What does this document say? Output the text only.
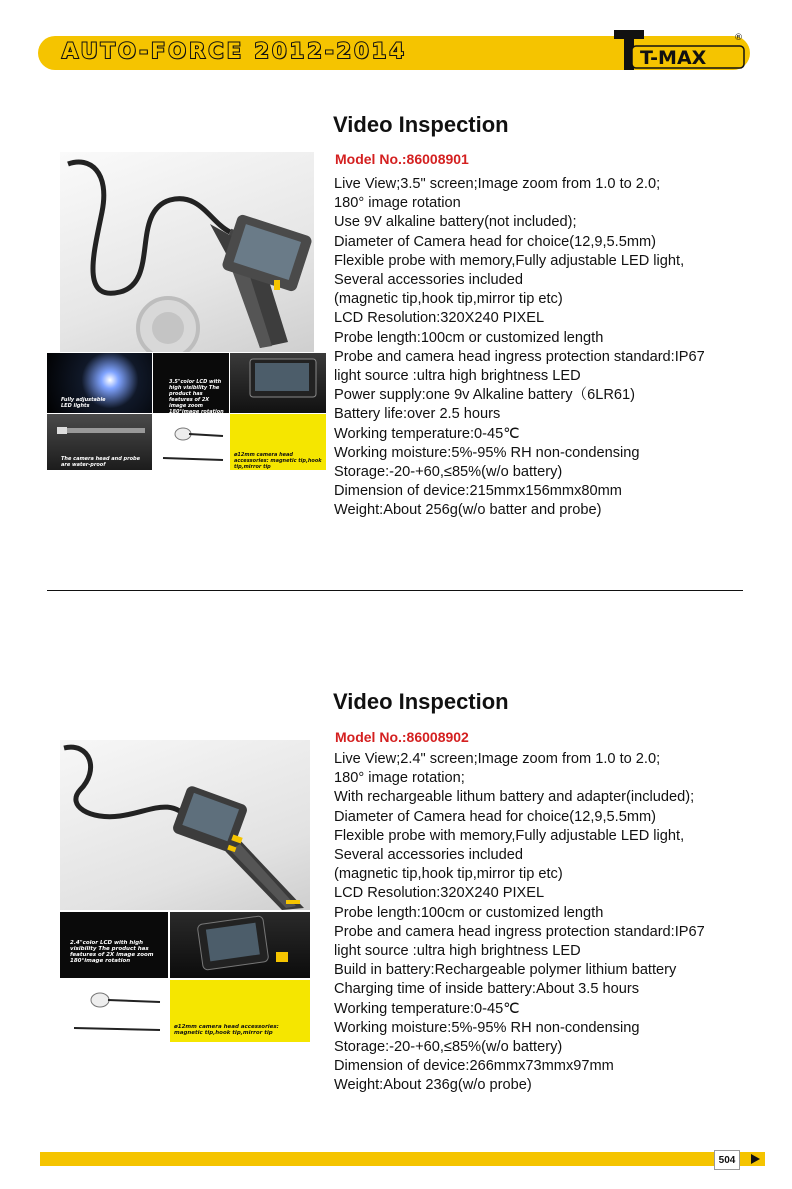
AUTO-FORCE 2012-2014	T-MAX
®
Video Inspection
Model No.:86008901
Live View;3.5" screen;Image zoom from 1.0 to 2.0;
180° image rotation
Use 9V alkaline battery(not included);
Diameter of Camera head for choice(12,9,5.5mm)
Flexible probe with memory,Fully adjustable LED light,
Several accessories included
(magnetic tip,hook tip,mirror tip etc)
LCD Resolution:320X240 PIXEL
Probe length:100cm or customized length
Probe and camera head ingress protection standard:IP67
light source :ultra high brightness LED
Power supply:one 9v Alkaline battery（6LR61)
Battery life:over 2.5 hours
Working temperature:0-45℃
Working moisture:5%-95% RH non-condensing
Storage:-20-+60,≤85%(w/o battery)
Dimension of device:215mmx156mmx80mm
Weight:About 256g(w/o batter and probe)
Fully adjustable LED lights
3.5"color LCD with high visibility The product has features of 2X image zoom 180°image rotation
The camera head and probe are water-proof
ø12mm camera head accessories: magnetic tip,hook tip,mirror tip
Video Inspection
Model No.:86008902
Live View;2.4" screen;Image zoom from 1.0 to 2.0;
180° image rotation;
With rechargeable lithum battery and adapter(included);
Diameter of Camera head for choice(12,9,5.5mm)
Flexible probe with memory,Fully adjustable LED light,
Several accessories included
(magnetic tip,hook tip,mirror tip etc)
LCD Resolution:320X240 PIXEL
Probe length:100cm or customized length
Probe and camera head ingress protection standard:IP67
light source :ultra high brightness LED
Build in battery:Rechargeable polymer lithium battery
Charging time of inside battery:About 3.5 hours
Working temperature:0-45℃
Working moisture:5%-95% RH non-condensing
Storage:-20-+60,≤85%(w/o battery)
Dimension of device:266mmx73mmx97mm
Weight:About 236g(w/o probe)
2.4"color LCD with high visibility The product has features of 2X image zoom 180°image rotation
ø12mm camera head accessories: magnetic tip,hook tip,mirror tip
504
